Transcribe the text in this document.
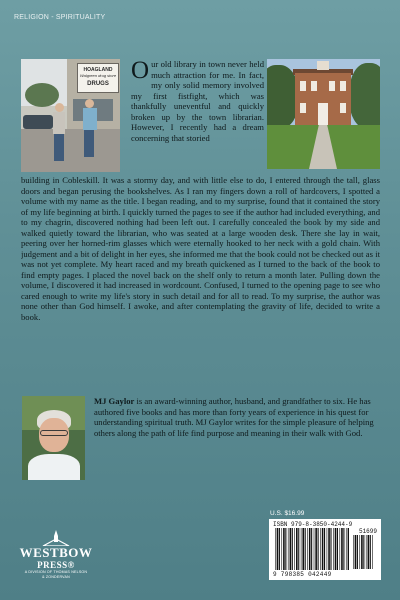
RELIGION - SPIRITUALITY
HOAGLAND
Walgreen drug store
DRUGS Our old library in town never held much attraction for me. In fact, my only solid memory involved my first fistfight, which was thankfully uneventful and quickly broken up by the town librarian. However, I recently had a dream concerning that storied
building in Cobleskill. It was a stormy day, and with little else to do, I entered through the tall, glass doors and began perusing the bookshelves. As I ran my fingers down a roll of hardcovers, I spotted a volume with my name as the title. I began reading, and to my surprise, found that it contained the story of my life beginning at birth. I quickly turned the pages to see if the author had included everything, and to my chagrin, discovered nothing had been left out. I carefully concealed the book by my side and walked quietly toward the librarian, who was seated at a large wooden desk. There she lay in wait, peering over her horned-rim glasses which were eternally hooked to her neck with a gold chain. With judgement and a bit of delight in her eyes, she informed me that the book could not be checked out as it was not yet complete. My heart raced and my breath quickened as I turned to the back of the book to find empty pages. I placed the novel back on the shelf only to return a month later. Pulling down the volume, I discovered it had increased in wordcount. Confused, I turned to the opening page to see who cared enough to write my life's story in such detail and for all to read. To my surprise, the author was none other than God himself. I awoke, and after contemplating the gravity of life, decided to write a book.
MJ Gaylor is an award-winning author, husband, and grandfather to six. He has authored five books and has more than forty years of experience in his quest for understanding spiritual truth. MJ Gaylor writes for the simple pleasure of helping others along the path of life find purpose and meaning in their walk with God.
U.S. $16.99
ISBN 979-8-3850-4244-9
51699
9 798385 042449
WESTBOW
PRESS®
A DIVISION OF THOMAS NELSON
& ZONDERVAN
